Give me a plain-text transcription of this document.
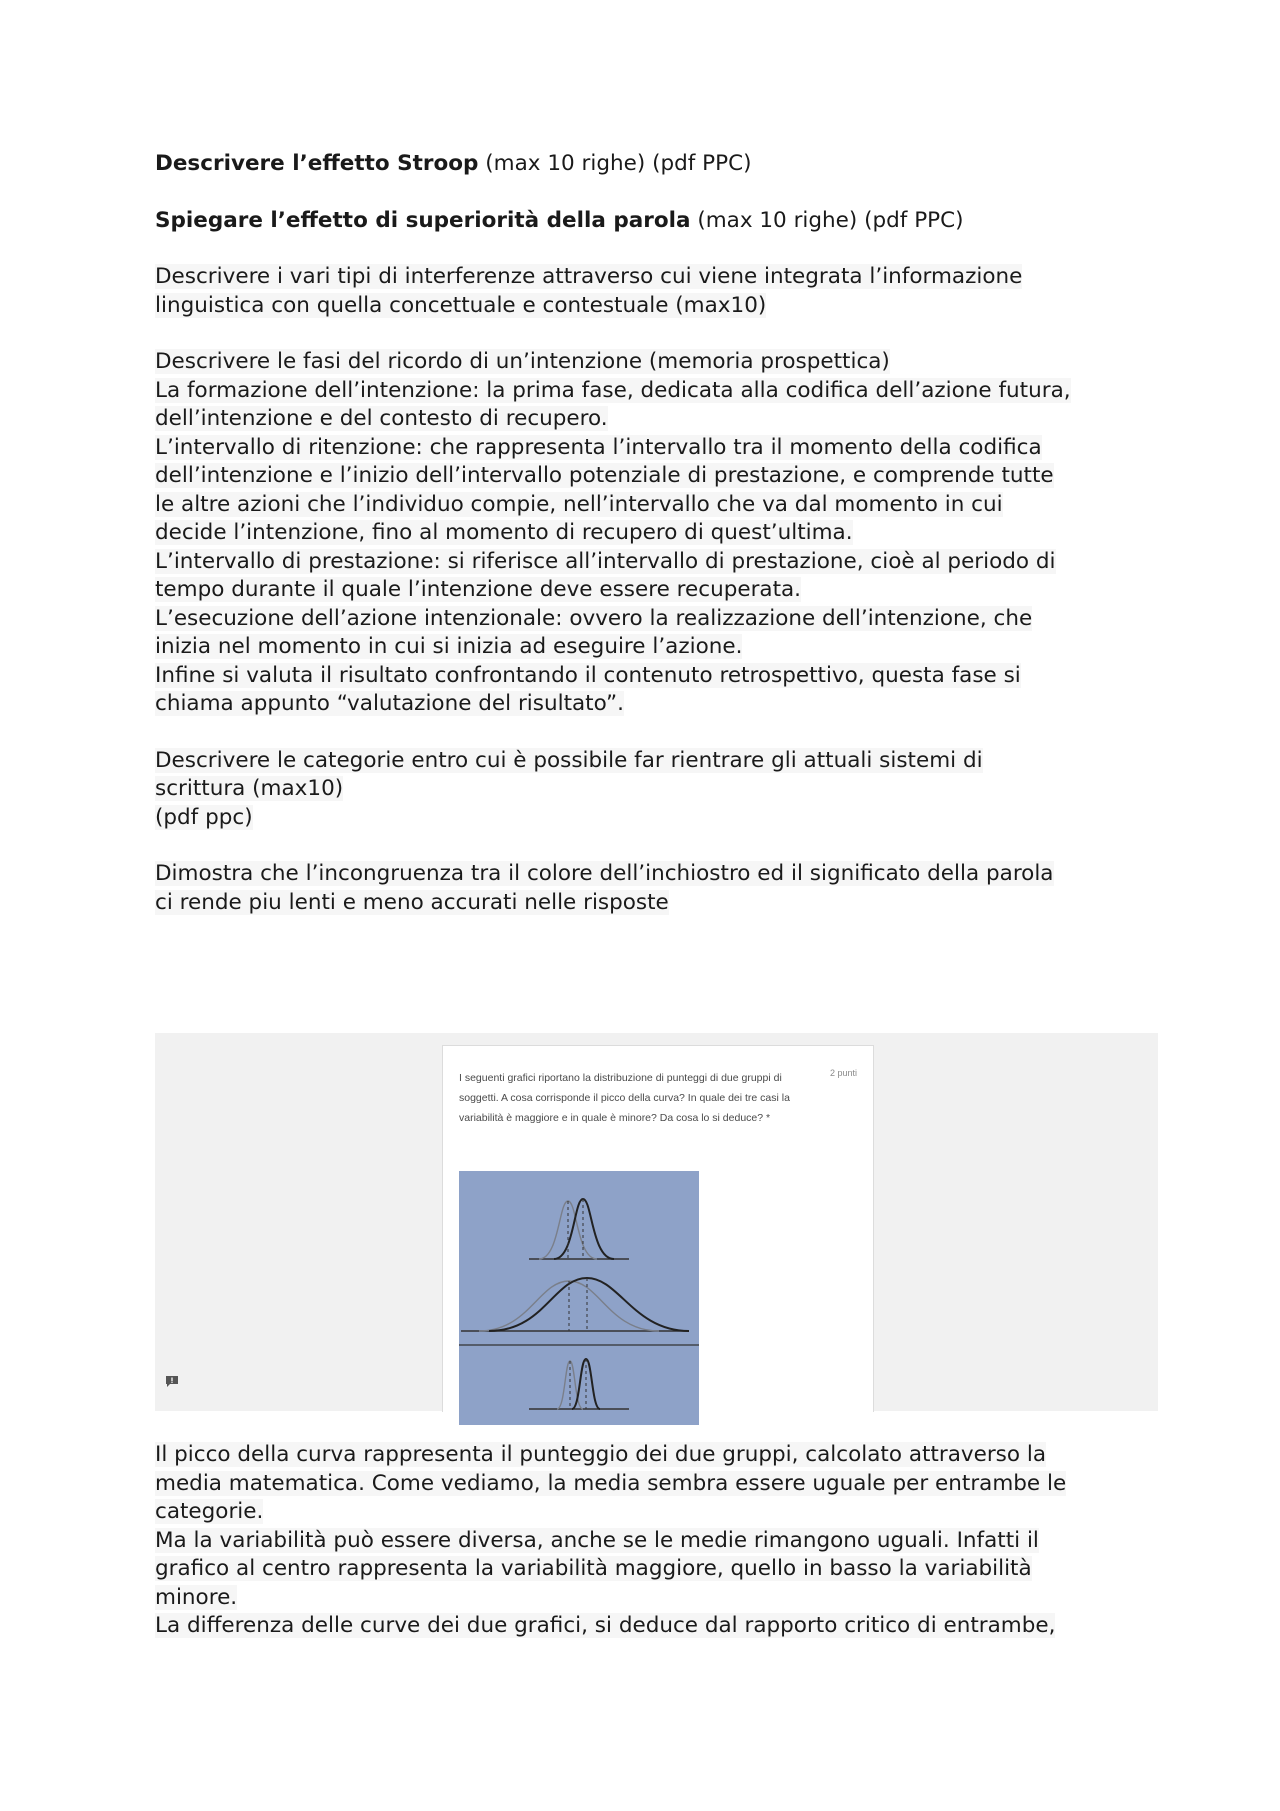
Descrivere l’effetto Stroop (max 10 righe) (pdf PPC)

Spiegare l’effetto di superiorità della parola (max 10 righe) (pdf PPC)

Descrivere i vari tipi di interferenze attraverso cui viene integrata l’informazione
linguistica con quella concettuale e contestuale (max10)

Descrivere le fasi del ricordo di un’intenzione (memoria prospettica)
La formazione dell’intenzione: la prima fase, dedicata alla codifica dell’azione futura,
dell’intenzione e del contesto di recupero.
L’intervallo di ritenzione: che rappresenta l’intervallo tra il momento della codifica
dell’intenzione e l’inizio dell’intervallo potenziale di prestazione, e comprende tutte
le altre azioni che l’individuo compie, nell’intervallo che va dal momento in cui
decide l’intenzione, fino al momento di recupero di quest’ultima.
L’intervallo di prestazione: si riferisce all’intervallo di prestazione, cioè al periodo di
tempo durante il quale l’intenzione deve essere recuperata.
L’esecuzione dell’azione intenzionale: ovvero la realizzazione dell’intenzione, che
inizia nel momento in cui si inizia ad eseguire l’azione.
Infine si valuta il risultato confrontando il contenuto retrospettivo, questa fase si
chiama appunto “valutazione del risultato”.

Descrivere le categorie entro cui è possibile far rientrare gli attuali sistemi di
scrittura (max10)
(pdf ppc)

Dimostra che l’incongruenza tra il colore dell’inchiostro ed il significato della parola
ci rende piu lenti e meno accurati nelle risposte

I seguenti grafici riportano la distribuzione di punteggi di due gruppi di
soggetti. A cosa corrisponde il picco della curva? In quale dei tre casi la
variabilità è maggiore e in quale è minore? Da cosa lo si deduce? *
2 punti

Il picco della curva rappresenta il punteggio dei due gruppi, calcolato attraverso la
media matematica. Come vediamo, la media sembra essere uguale per entrambe le
categorie.
Ma la variabilità può essere diversa, anche se le medie rimangono uguali. Infatti il
grafico al centro rappresenta la variabilità maggiore, quello in basso la variabilità
minore.
La differenza delle curve dei due grafici, si deduce dal rapporto critico di entrambe,
